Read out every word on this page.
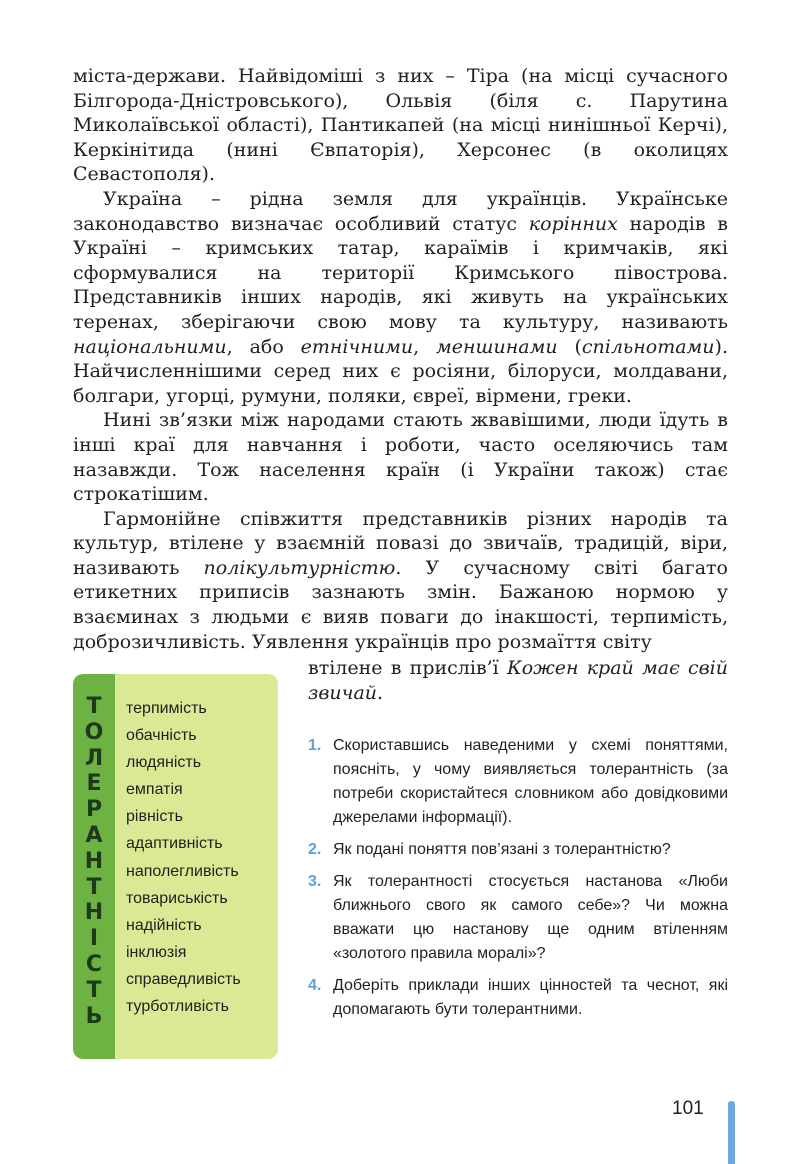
міста-держави. Найвідоміші з них – Тіра (на місці сучасного Білгорода-Дністровського), Ольвія (біля с. Парутина Миколаївської області), Пантикапей (на місці нинішньої Керчі), Керкінітида (нині Євпаторія), Херсонес (в околицях Севастополя).

Україна – рідна земля для українців. Українське законодавство визначає особливий статус корінних народів в Україні – кримських татар, караїмів і кримчаків, які сформувалися на території Кримського півострова. Представників інших народів, які живуть на українських теренах, зберігаючи свою мову та культуру, називають національними, або етнічними, меншинами (спільнотами). Найчисленнішими серед них є росіяни, білоруси, молдавани, болгари, угорці, румуни, поляки, євреї, вірмени, греки.

Нині зв’язки між народами стають жвавішими, люди їдуть в інші краї для навчання і роботи, часто оселяючись там назавжди. Тож населення країн (і України також) стає строкатішим.

Гармонійне співжиття представників різних народів та культур, втілене у взаємній повазі до звичаїв, традицій, віри, називають полікультурністю. У сучасному світі багато етикетних приписів зазнають змін. Бажаною нормою у взаєминах з людьми є вияв поваги до інакшості, терпимість, доброзичливість. Уявлення українців про розмаїття світу

втілене в прислів’ї Кожен край має свій звичай.
Т
О
Л
Е
Р
А
Н
Т
Н
І
С
Т
Ь
терпимість
обачність
людяність
емпатія
рівність
адаптивність
наполегливість
товариськість
надійність
інклюзія
справедливість
турботливість
1. Скориставшись наведеними у схемі поняттями, поясніть, у чому виявляється толерантність (за потреби скористайтеся словником або довідковими джерелами інформації).
2. Як подані поняття пов’язані з толерантністю?
3. Як толерантності стосується настанова «Люби ближнього свого як самого себе»? Чи можна вважати цю настанову ще одним втіленням «золотого правила моралі»?
4. Доберіть приклади інших цінностей та чеснот, які допомагають бути толерантними.
101
